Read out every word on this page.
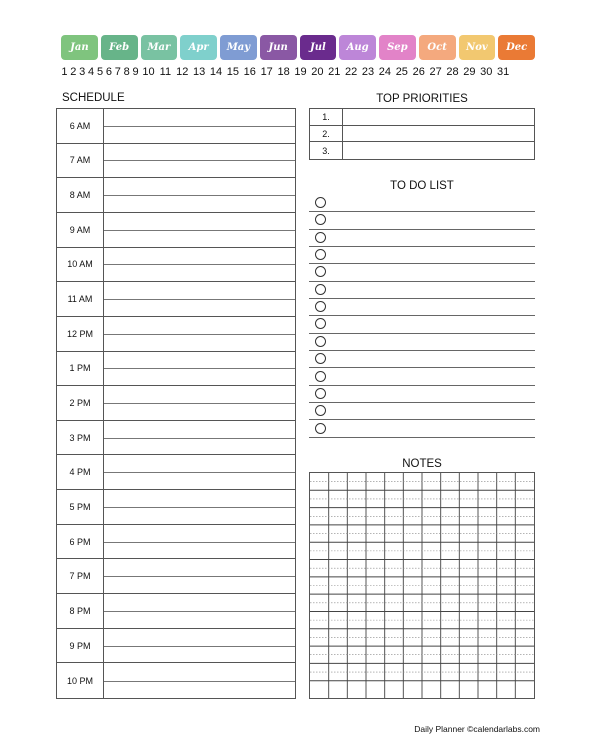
Jan	Feb	Mar	Apr	May	Jun	Jul	Aug	Sep	Oct	Nov	Dec
1 2 3 4 5 6 7 8 9 10 11 12 13 14 15 16 17 18 19 20 21 22 23 24 25 26 27 28 29 30 31
SCHEDULE
6 AM
7 AM
8 AM
9 AM
10 AM
11 AM
12 PM
1 PM
2 PM
3 PM
4 PM
5 PM
6 PM
7 PM
8 PM
9 PM
10 PM
TOP PRIORITIES
1.
2.
3.
TO DO LIST
NOTES
Daily Planner ©calendarlabs.com
